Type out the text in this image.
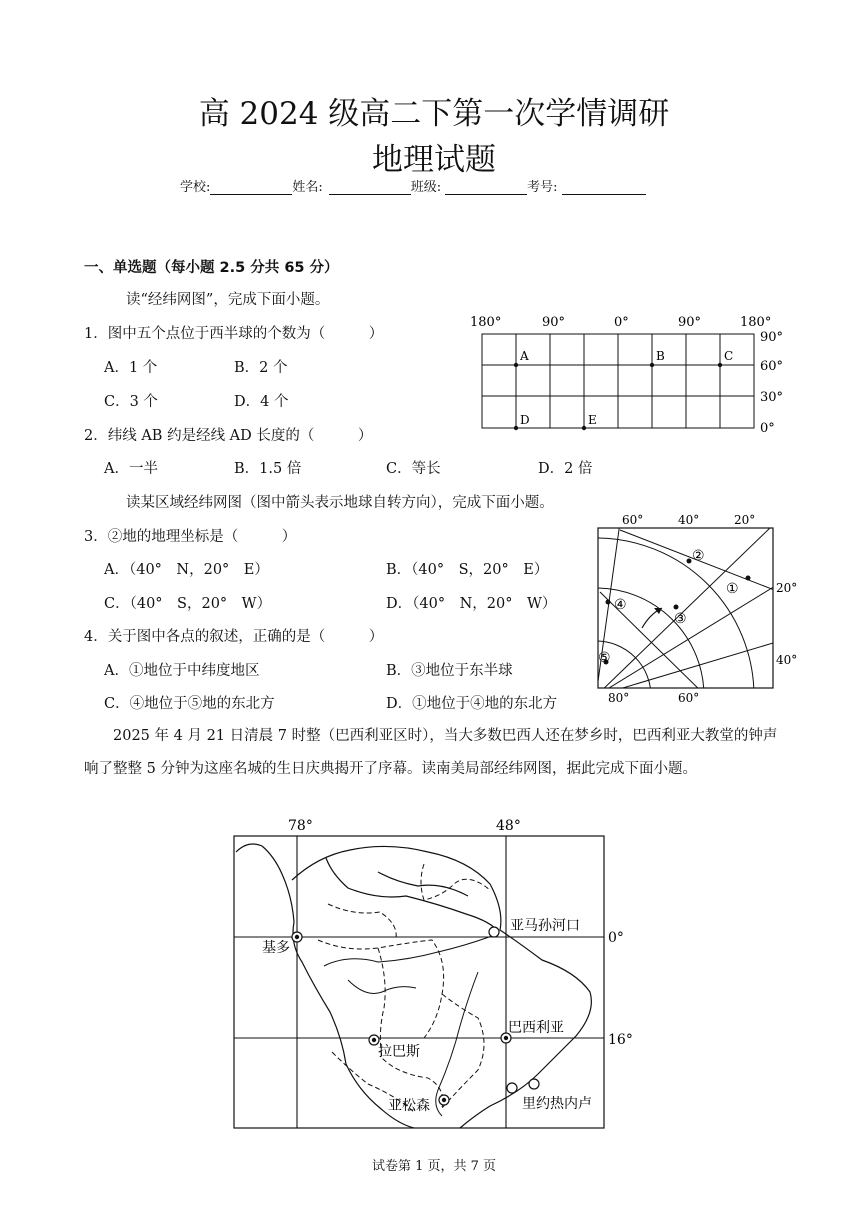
高 2024 级高二下第一次学情调研
地理试题
学校:	姓名:	班级:	考号:
一、单选题（每小题 2.5 分共 65 分）
读“经纬网图”，完成下面小题。
1．图中五个点位于西半球的个数为（　　　）
A．1 个	B．2 个
C．3 个	D．4 个
2．纬线 AB 约是经线 AD 长度的（　　　）
A．一半	B．1.5 倍	C．等长	D．2 倍
读某区域经纬网图（图中箭头表示地球自转方向），完成下面小题。
3．②地的地理坐标是（　　　）
A．（40°　N，20°　E）	B．（40°　S，20°　E）
C．（40°　S，20°　W）	D．（40°　N，20°　W）
4．关于图中各点的叙述，正确的是（　　　）
A．①地位于中纬度地区	B．③地位于东半球
C．④地位于⑤地的东北方	D．①地位于④地的东北方
2025 年 4 月 21 日清晨 7 时整（巴西利亚区时），当大多数巴西人还在梦乡时，巴西利亚大教堂的钟声响了整整 5 分钟为这座名城的生日庆典揭开了序幕。读南美局部经纬网图，据此完成下面小题。
180°	90°	0°	90°	180°
90°
60°
30°
0°
A	B	C
D	E
60°	40°	20°
20°
40°
80°	60°
①
②
③
④
⑤
78°	48°
0°
16°
基多
亚马孙河口
巴西利亚
拉巴斯
亚松森	里约热内卢
试卷第 1 页，共 7 页
